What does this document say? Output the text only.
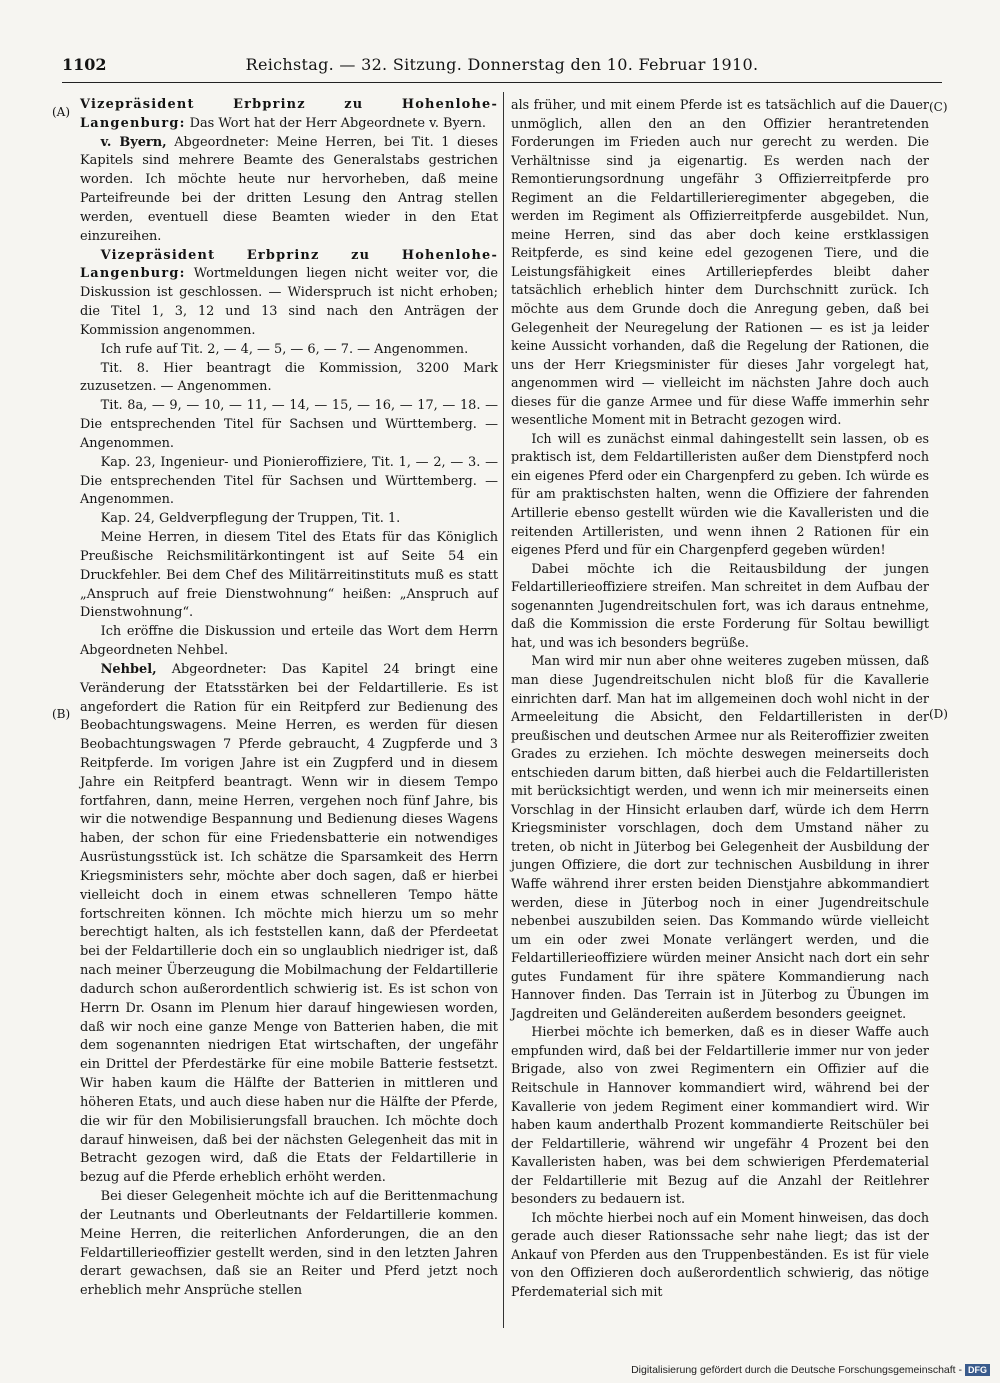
1102	Reichstag. — 32. Sitzung. Donnerstag den 10. Februar 1910.
(A)
(B)
(C)
(D)

Vizepräsident Erbprinz zu Hohenlohe-Langenburg: Das Wort hat der Herr Abgeordnete v. Byern.

v. Byern, Abgeordneter: Meine Herren, bei Tit. 1 dieses Kapitels sind mehrere Beamte des Generalstabs gestrichen worden. Ich möchte heute nur hervorheben, daß meine Parteifreunde bei der dritten Lesung den Antrag stellen werden, eventuell diese Beamten wieder in den Etat einzureihen.

Vizepräsident Erbprinz zu Hohenlohe-Langenburg: Wortmeldungen liegen nicht weiter vor, die Diskussion ist geschlossen. — Widerspruch ist nicht erhoben; die Titel 1, 3, 12 und 13 sind nach den Anträgen der Kommission angenommen.

Ich rufe auf Tit. 2, — 4, — 5, — 6, — 7. — Angenommen.

Tit. 8. Hier beantragt die Kommission, 3200 Mark zuzusetzen. — Angenommen.

Tit. 8a, — 9, — 10, — 11, — 14, — 15, — 16, — 17, — 18. — Die entsprechenden Titel für Sachsen und Württemberg. — Angenommen.

Kap. 23, Ingenieur- und Pionieroffiziere, Tit. 1, — 2, — 3. — Die entsprechenden Titel für Sachsen und Württemberg. — Angenommen.

Kap. 24, Geldverpflegung der Truppen, Tit. 1.

Meine Herren, in diesem Titel des Etats für das Königlich Preußische Reichsmilitärkontingent ist auf Seite 54 ein Druckfehler. Bei dem Chef des Militärreitinstituts muß es statt „Anspruch auf freie Dienstwohnung“ heißen: „Anspruch auf Dienstwohnung“.

Ich eröffne die Diskussion und erteile das Wort dem Herrn Abgeordneten Nehbel.

Nehbel, Abgeordneter: Das Kapitel 24 bringt eine Veränderung der Etatsstärken bei der Feldartillerie. Es ist angefordert die Ration für ein Reitpferd zur Bedienung des Beobachtungswagens. Meine Herren, es werden für diesen Beobachtungswagen 7 Pferde gebraucht, 4 Zugpferde und 3 Reitpferde. Im vorigen Jahre ist ein Zugpferd und in diesem Jahre ein Reitpferd beantragt. Wenn wir in diesem Tempo fortfahren, dann, meine Herren, vergehen noch fünf Jahre, bis wir die notwendige Bespannung und Bedienung dieses Wagens haben, der schon für eine Friedensbatterie ein notwendiges Ausrüstungsstück ist. Ich schätze die Sparsamkeit des Herrn Kriegsministers sehr, möchte aber doch sagen, daß er hierbei vielleicht doch in einem etwas schnelleren Tempo hätte fortschreiten können. Ich möchte mich hierzu um so mehr berechtigt halten, als ich feststellen kann, daß der Pferdeetat bei der Feldartillerie doch ein so unglaublich niedriger ist, daß nach meiner Überzeugung die Mobilmachung der Feldartillerie dadurch schon außerordentlich schwierig ist. Es ist schon von Herrn Dr. Osann im Plenum hier darauf hingewiesen worden, daß wir noch eine ganze Menge von Batterien haben, die mit dem sogenannten niedrigen Etat wirtschaften, der ungefähr ein Drittel der Pferdestärke für eine mobile Batterie festsetzt. Wir haben kaum die Hälfte der Batterien in mittleren und höheren Etats, und auch diese haben nur die Hälfte der Pferde, die wir für den Mobilisierungsfall brauchen. Ich möchte doch darauf hinweisen, daß bei der nächsten Gelegenheit das mit in Betracht gezogen wird, daß die Etats der Feldartillerie in bezug auf die Pferde erheblich erhöht werden.

Bei dieser Gelegenheit möchte ich auf die Berittenmachung der Leutnants und Oberleutnants der Feldartillerie kommen. Meine Herren, die reiterlichen Anforderungen, die an den Feldartillerieoffizier gestellt werden, sind in den letzten Jahren derart gewachsen, daß sie an Reiter und Pferd jetzt noch erheblich mehr Ansprüche stellen

als früher, und mit einem Pferde ist es tatsächlich auf die Dauer unmöglich, allen den an den Offizier herantretenden Forderungen im Frieden auch nur gerecht zu werden. Die Verhältnisse sind ja eigenartig. Es werden nach der Remontierungsordnung ungefähr 3 Offizierreitpferde pro Regiment an die Feldartillerieregimenter abgegeben, die werden im Regiment als Offizierreitpferde ausgebildet. Nun, meine Herren, sind das aber doch keine erstklassigen Reitpferde, es sind keine edel gezogenen Tiere, und die Leistungsfähigkeit eines Artilleriepferdes bleibt daher tatsächlich erheblich hinter dem Durchschnitt zurück. Ich möchte aus dem Grunde doch die Anregung geben, daß bei Gelegenheit der Neuregelung der Rationen — es ist ja leider keine Aussicht vorhanden, daß die Regelung der Rationen, die uns der Herr Kriegsminister für dieses Jahr vorgelegt hat, angenommen wird — vielleicht im nächsten Jahre doch auch dieses für die ganze Armee und für diese Waffe immerhin sehr wesentliche Moment mit in Betracht gezogen wird.

Ich will es zunächst einmal dahingestellt sein lassen, ob es praktisch ist, dem Feldartilleristen außer dem Dienstpferd noch ein eigenes Pferd oder ein Chargenpferd zu geben. Ich würde es für am praktischsten halten, wenn die Offiziere der fahrenden Artillerie ebenso gestellt würden wie die Kavalleristen und die reitenden Artilleristen, und wenn ihnen 2 Rationen für ein eigenes Pferd und für ein Chargenpferd gegeben würden!

Dabei möchte ich die Reitausbildung der jungen Feldartillerieoffiziere streifen. Man schreitet in dem Aufbau der sogenannten Jugendreitschulen fort, was ich daraus entnehme, daß die Kommission die erste Forderung für Soltau bewilligt hat, und was ich besonders begrüße.

Man wird mir nun aber ohne weiteres zugeben müssen, daß man diese Jugendreitschulen nicht bloß für die Kavallerie einrichten darf. Man hat im allgemeinen doch wohl nicht in der Armeeleitung die Absicht, den Feldartilleristen in der preußischen und deutschen Armee nur als Reiteroffizier zweiten Grades zu erziehen. Ich möchte deswegen meinerseits doch entschieden darum bitten, daß hierbei auch die Feldartilleristen mit berücksichtigt werden, und wenn ich mir meinerseits einen Vorschlag in der Hinsicht erlauben darf, würde ich dem Herrn Kriegsminister vorschlagen, doch dem Umstand näher zu treten, ob nicht in Jüterbog bei Gelegenheit der Ausbildung der jungen Offiziere, die dort zur technischen Ausbildung in ihrer Waffe während ihrer ersten beiden Dienstjahre abkommandiert werden, diese in Jüterbog noch in einer Jugendreitschule nebenbei auszubilden seien. Das Kommando würde vielleicht um ein oder zwei Monate verlängert werden, und die Feldartillerieoffiziere würden meiner Ansicht nach dort ein sehr gutes Fundament für ihre spätere Kommandierung nach Hannover finden. Das Terrain ist in Jüterbog zu Übungen im Jagdreiten und Geländereiten außerdem besonders geeignet.

Hierbei möchte ich bemerken, daß es in dieser Waffe auch empfunden wird, daß bei der Feldartillerie immer nur von jeder Brigade, also von zwei Regimentern ein Offizier auf die Reitschule in Hannover kommandiert wird, während bei der Kavallerie von jedem Regiment einer kommandiert wird. Wir haben kaum anderthalb Prozent kommandierte Reitschüler bei der Feldartillerie, während wir ungefähr 4 Prozent bei den Kavalleristen haben, was bei dem schwierigen Pferdematerial der Feldartillerie mit Bezug auf die Anzahl der Reitlehrer besonders zu bedauern ist.

Ich möchte hierbei noch auf ein Moment hinweisen, das doch gerade auch dieser Rationssache sehr nahe liegt; das ist der Ankauf von Pferden aus den Truppenbeständen. Es ist für viele von den Offizieren doch außerordentlich schwierig, das nötige Pferdematerial sich mit

Digitalisierung gefördert durch die Deutsche Forschungsgemeinschaft - DFG
